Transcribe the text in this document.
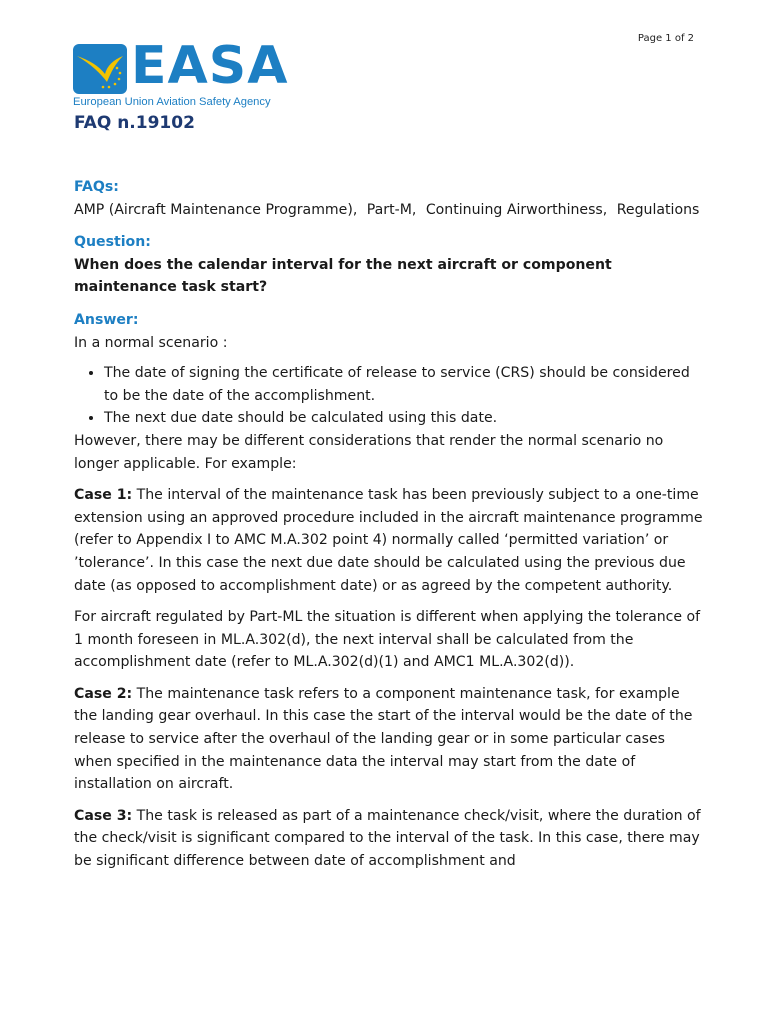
Page 1 of 2
EASA
European Union Aviation Safety Agency
FAQ n.19102

FAQs:

AMP (Aircraft Maintenance Programme), Part-M, Continuing Airworthiness, Regulations

Question:

When does the calendar interval for the next aircraft or component maintenance task start?

Answer:

In a normal scenario :

• The date of signing the certificate of release to service (CRS) should be considered to be the date of the accomplishment.
• The next due date should be calculated using this date.

However, there may be different considerations that render the normal scenario no longer applicable. For example:

Case 1: The interval of the maintenance task has been previously subject to a one-time extension using an approved procedure included in the aircraft maintenance programme (refer to Appendix I to AMC M.A.302 point 4) normally called ‘permitted variation’ or ’tolerance’. In this case the next due date should be calculated using the previous due date (as opposed to accomplishment date) or as agreed by the competent authority.

For aircraft regulated by Part-ML the situation is different when applying the tolerance of 1 month foreseen in ML.A.302(d), the next interval shall be calculated from the accomplishment date (refer to ML.A.302(d)(1) and AMC1 ML.A.302(d)).

Case 2: The maintenance task refers to a component maintenance task, for example the landing gear overhaul. In this case the start of the interval would be the date of the release to service after the overhaul of the landing gear or in some particular cases when specified in the maintenance data the interval may start from the date of installation on aircraft.

Case 3: The task is released as part of a maintenance check/visit, where the duration of the check/visit is significant compared to the interval of the task. In this case, there may be significant difference between date of accomplishment and
